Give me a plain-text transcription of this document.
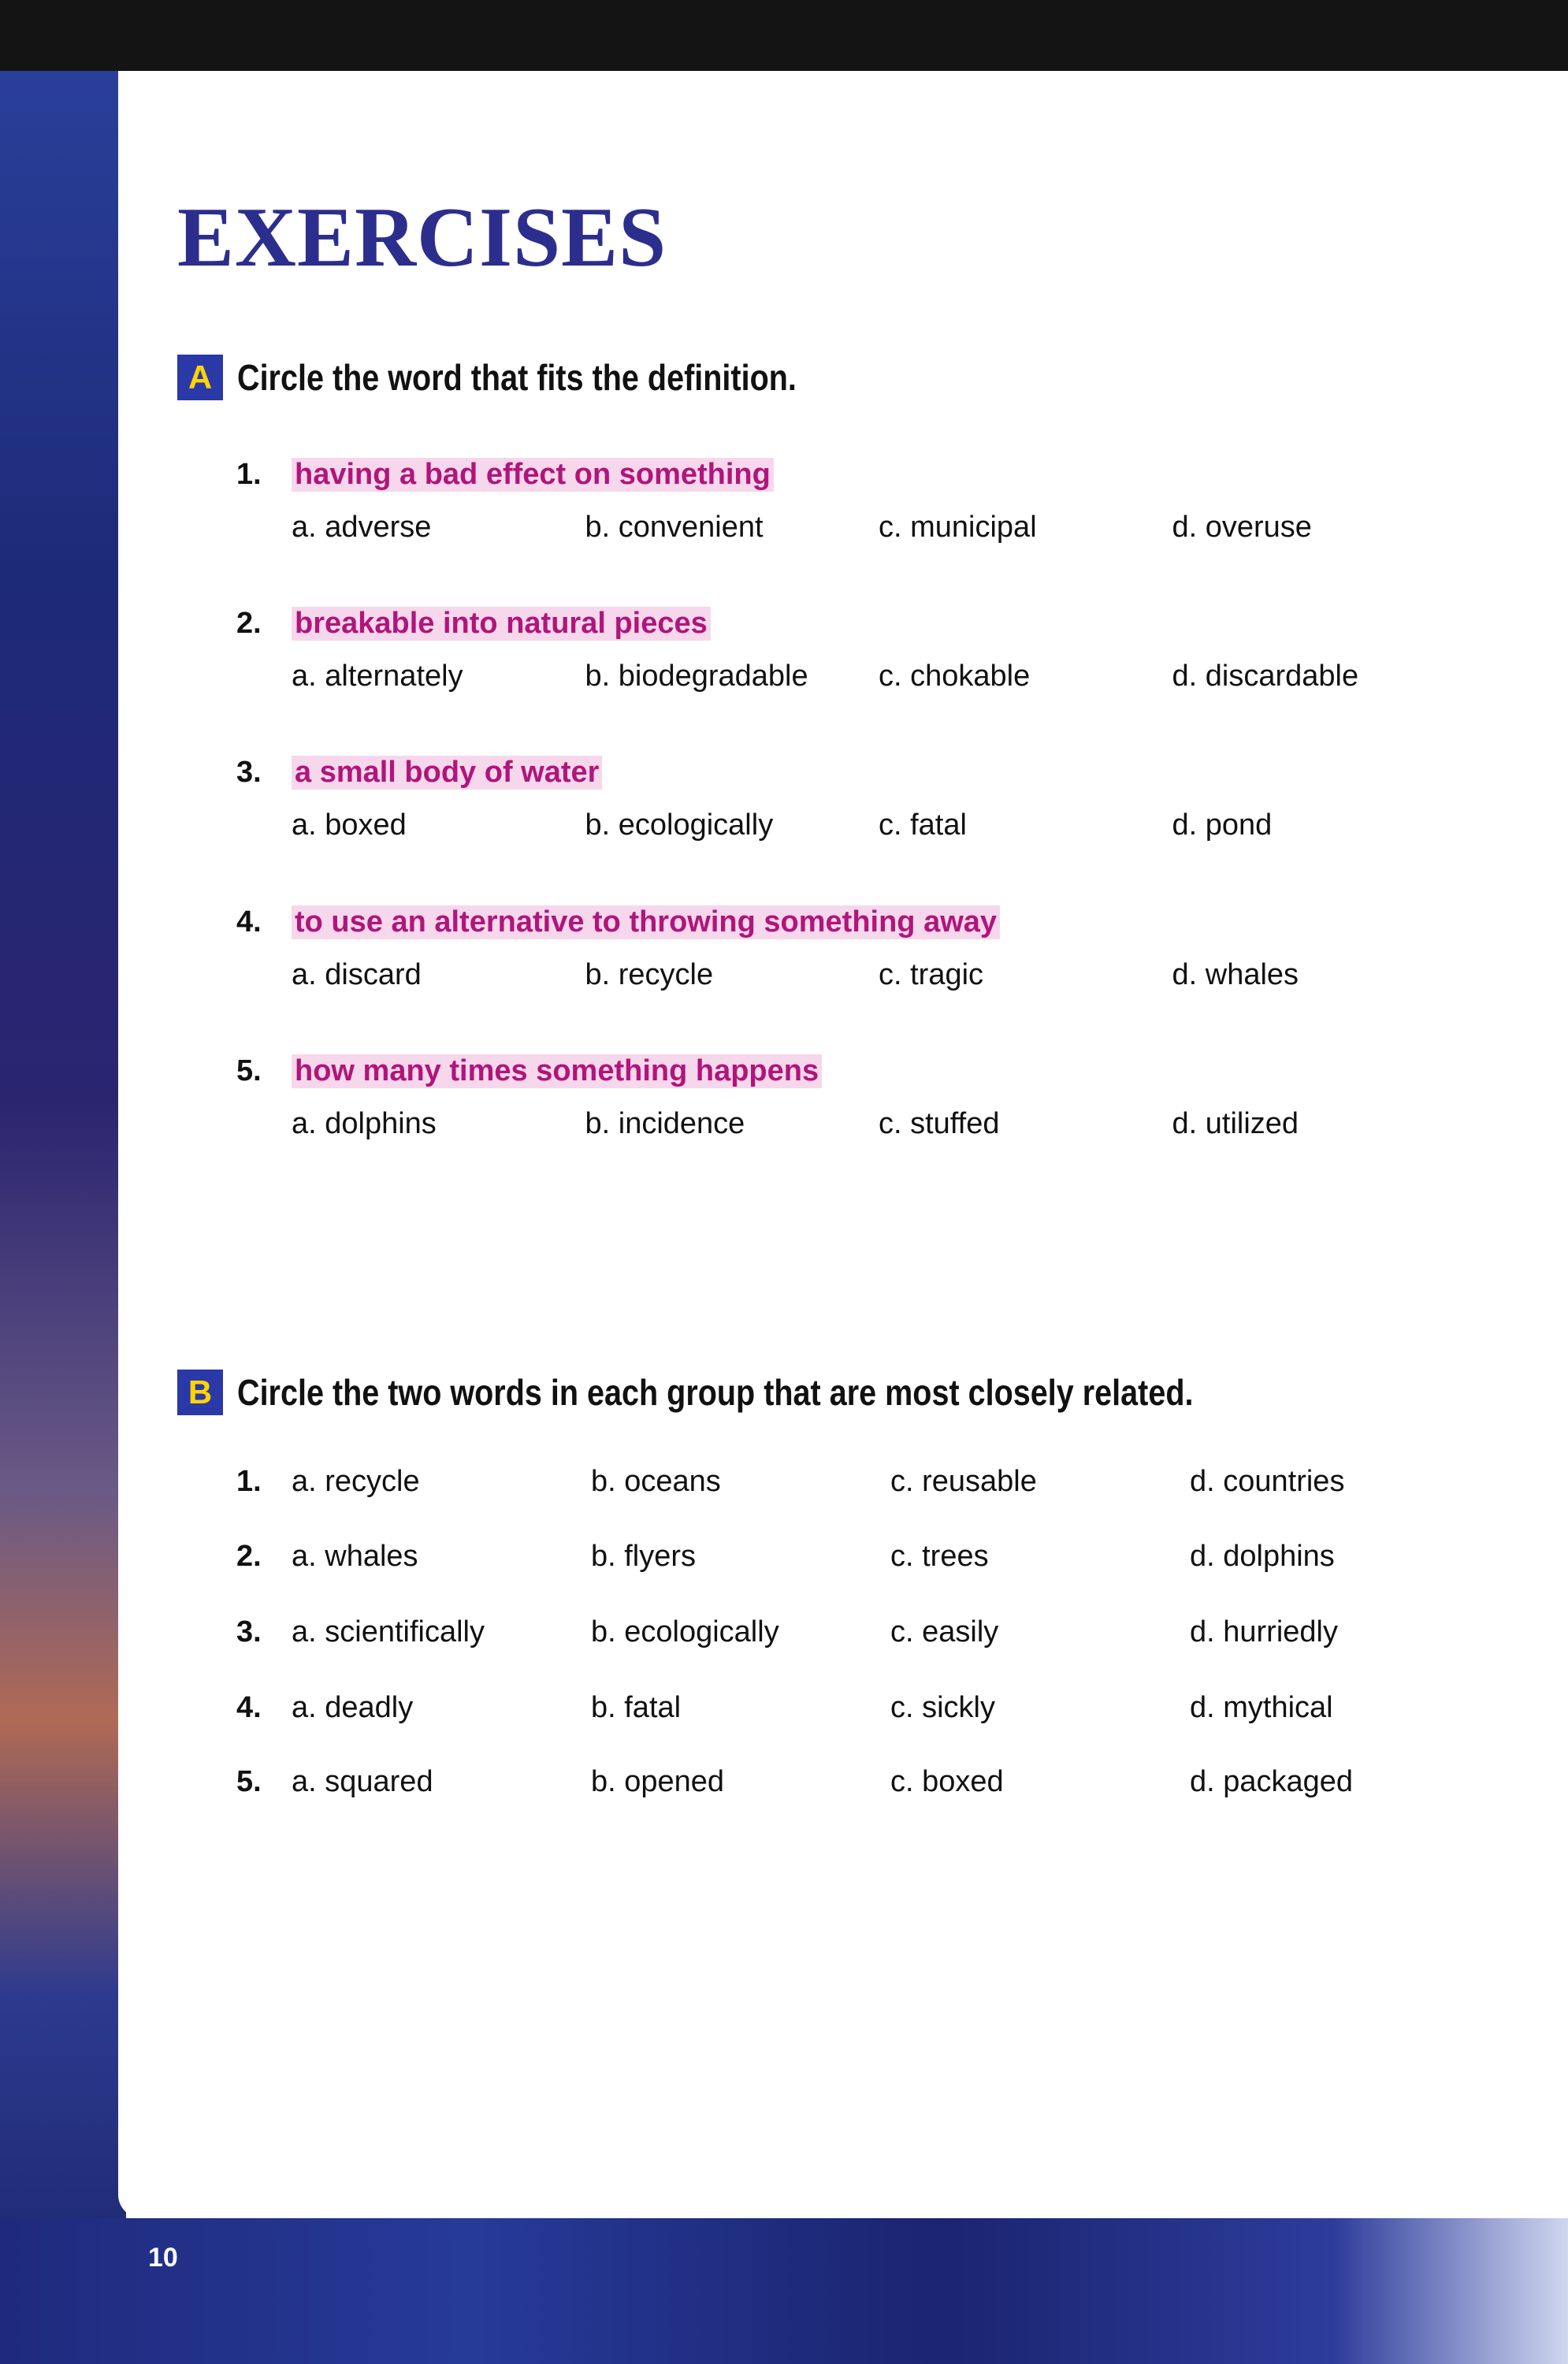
EXERCISES
A Circle the word that fits the definition.
1.	having a bad effect on something
a. adverse	b. convenient	c. municipal	d. overuse
2.	breakable into natural pieces
a. alternately	b. biodegradable	c. chokable	d. discardable
3.	a small body of water
a. boxed	b. ecologically	c. fatal	d. pond
4.	to use an alternative to throwing something away
a. discard	b. recycle	c. tragic	d. whales
5.	how many times something happens
a. dolphins	b. incidence	c. stuffed	d. utilized
B Circle the two words in each group that are most closely related.
1.	a. recycle	b. oceans	c. reusable	d. countries
2.	a. whales	b. flyers	c. trees	d. dolphins
3.	a. scientifically	b. ecologically	c. easily	d. hurriedly
4.	a. deadly	b. fatal	c. sickly	d. mythical
5.	a. squared	b. opened	c. boxed	d. packaged
10
